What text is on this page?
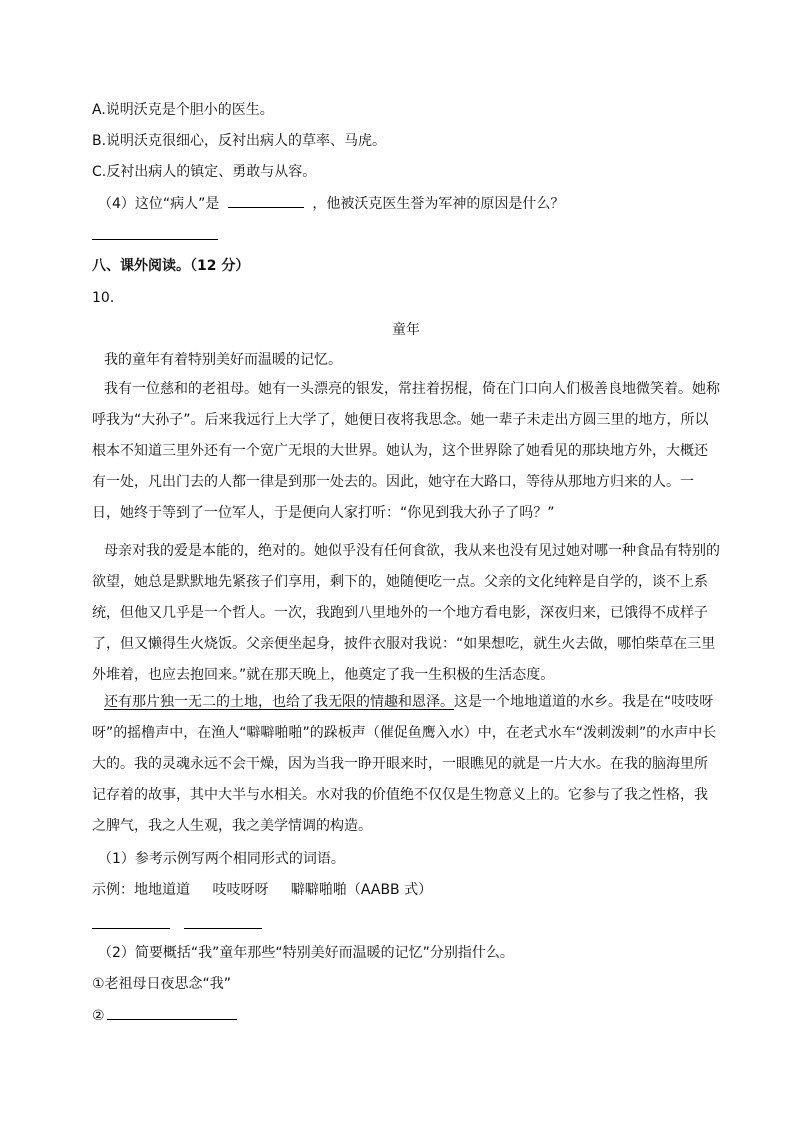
A.说明沃克是个胆小的医生。
B.说明沃克很细心，反衬出病人的草率、马虎。
C.反衬出病人的镇定、勇敢与从容。
（4）这位“病人”是	，他被沃克医生誉为军神的原因是什么？
八、课外阅读。（12 分）
10．
童年
我的童年有着特别美好而温暖的记忆。
我有一位慈和的老祖母。她有一头漂亮的银发，常拄着拐棍，倚在门口向人们极善良地微笑着。她称呼我为“大孙子”。后来我远行上大学了，她便日夜将我思念。她一辈子未走出方圆三里的地方，所以根本不知道三里外还有一个宽广无垠的大世界。她认为，这个世界除了她看见的那块地方外，大概还有一处，凡出门去的人都一律是到那一处去的。因此，她守在大路口，等待从那地方归来的人。一日，她终于等到了一位军人，于是便向人家打听：“你见到我大孙子了吗？”
母亲对我的爱是本能的，绝对的。她似乎没有任何食欲，我从来也没有见过她对哪一种食品有特别的欲望，她总是默默地先紧孩子们享用，剩下的，她随便吃一点。父亲的文化纯粹是自学的，谈不上系统，但他又几乎是一个哲人。一次，我跑到八里地外的一个地方看电影，深夜归来，已饿得不成样子了，但又懒得生火烧饭。父亲便坐起身，披件衣服对我说：“如果想吃，就生火去做，哪怕柴草在三里外堆着，也应去抱回来。”就在那天晚上，他奠定了我一生积极的生活态度。
还有那片独一无二的土地，也给了我无限的情趣和恩泽。这是一个地地道道的水乡。我是在“吱吱呀呀”的摇橹声中，在渔人“噼噼啪啪”的跺板声（催促鱼鹰入水）中，在老式水车“泼刺泼刺”的水声中长大的。我的灵魂永远不会干燥，因为当我一睁开眼来时，一眼瞧见的就是一片大水。在我的脑海里所记存着的故事，其中大半与水相关。水对我的价值绝不仅仅是生物意义上的。它参与了我之性格，我之脾气，我之人生观，我之美学情调的构造。
（1）参考示例写两个相同形式的词语。
示例：地地道道 吱吱呀呀 噼噼啪啪（AABB 式）
（2）简要概括“我”童年那些“特别美好而温暖的记忆”分别指什么。
①老祖母日夜思念“我”
②
